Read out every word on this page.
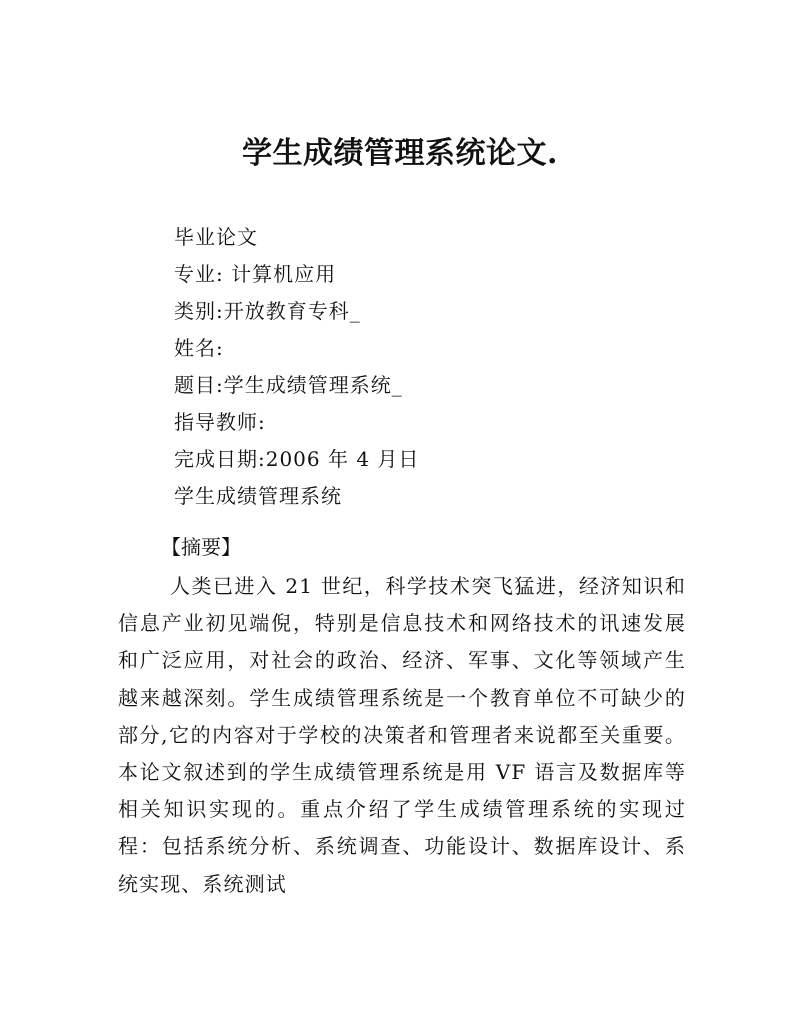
学生成绩管理系统论文.
毕业论文
专业: 计算机应用
类别:开放教育专科_
姓名:
题目:学生成绩管理系统_
指导教师:
完成日期:2006 年 4 月日
学生成绩管理系统
【摘要】
人类已进入 21 世纪，科学技术突飞猛进，经济知识和信息产业初见端倪，特别是信息技术和网络技术的讯速发展和广泛应用，对社会的政治、经济、军事、文化等领域产生越来越深刻。学生成绩管理系统是一个教育单位不可缺少的部分,它的内容对于学校的决策者和管理者来说都至关重要。本论文叙述到的学生成绩管理系统是用 VF 语言及数据库等相关知识实现的。重点介绍了学生成绩管理系统的实现过程：包括系统分析、系统调查、功能设计、数据库设计、系统实现、系统测试
